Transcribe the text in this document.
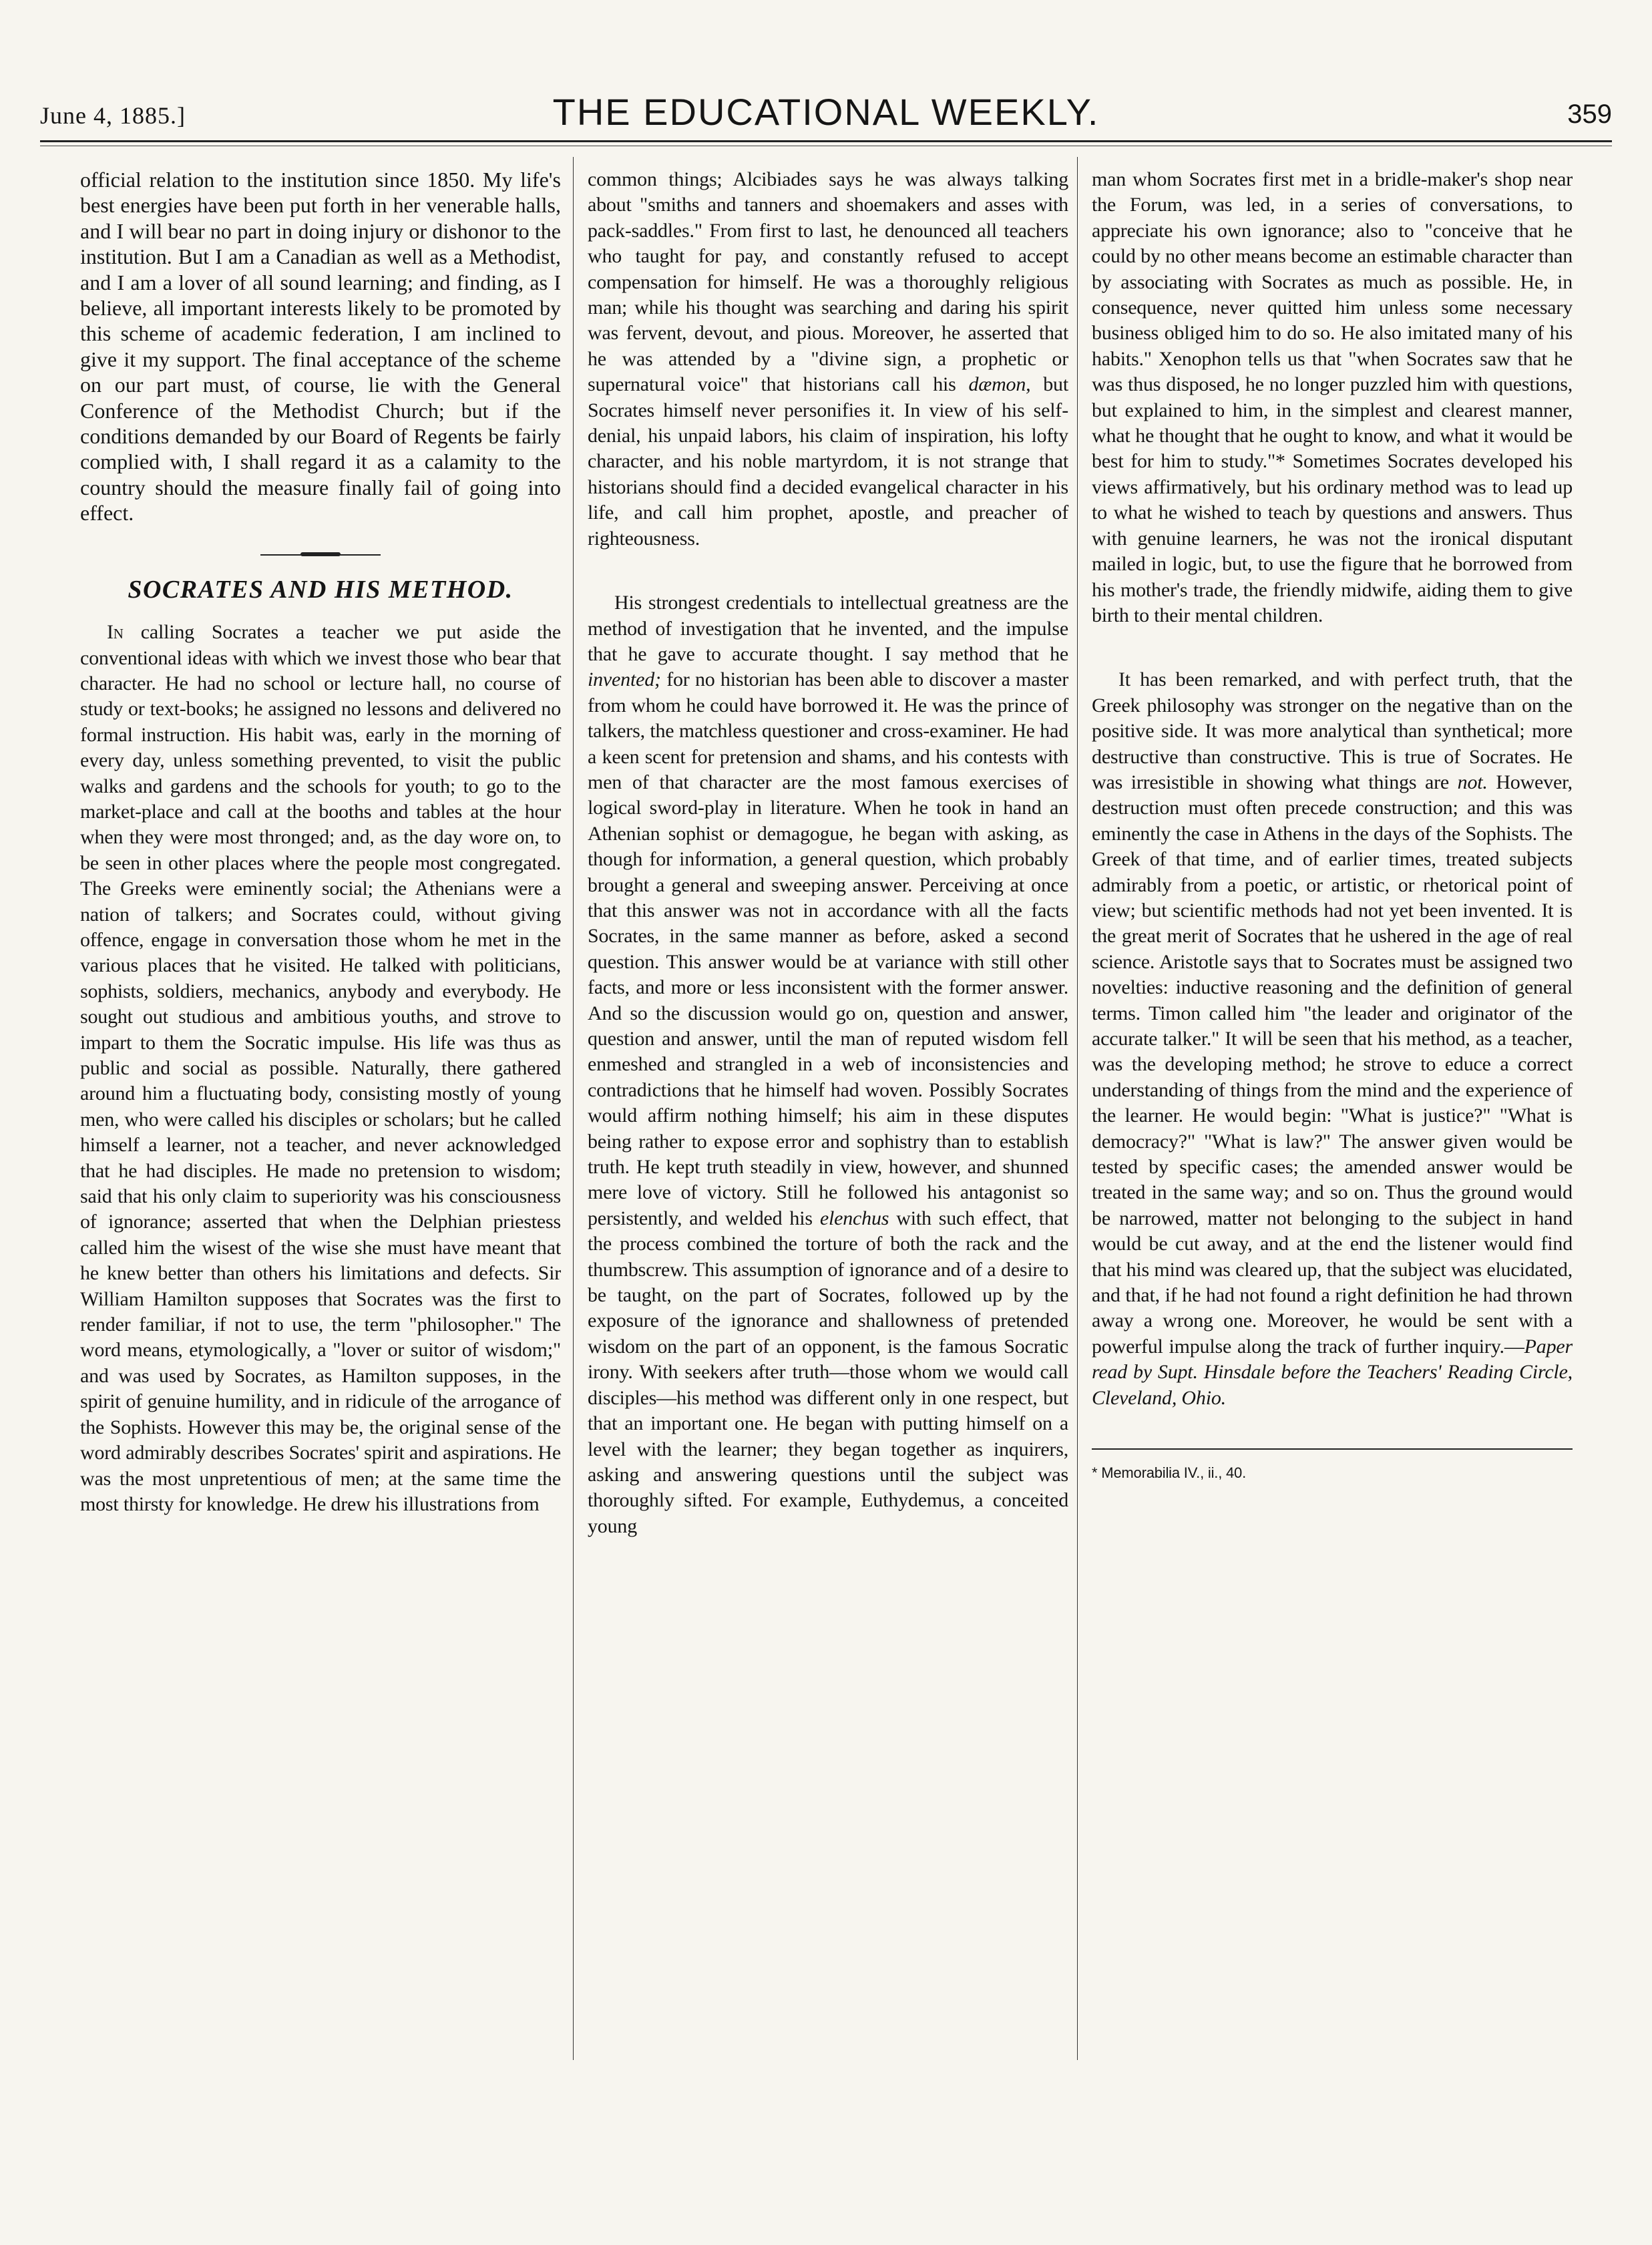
June 4, 1885.]	THE EDUCATIONAL WEEKLY.	359

official relation to the institution since 1850. My life's best energies have been put forth in her venerable halls, and I will bear no part in doing injury or dishonor to the institution. But I am a Canadian as well as a Methodist, and I am a lover of all sound learning; and finding, as I believe, all important interests likely to be promoted by this scheme of academic federation, I am inclined to give it my support. The final acceptance of the scheme on our part must, of course, lie with the General Conference of the Methodist Church; but if the conditions demanded by our Board of Regents be fairly complied with, I shall regard it as a calamity to the country should the measure finally fail of going into effect.

SOCRATES AND HIS METHOD.

In calling Socrates a teacher we put aside the conventional ideas with which we invest those who bear that character. He had no school or lecture hall, no course of study or text-books; he assigned no lessons and delivered no formal instruction. His habit was, early in the morning of every day, unless something prevented, to visit the public walks and gardens and the schools for youth; to go to the market-place and call at the booths and tables at the hour when they were most thronged; and, as the day wore on, to be seen in other places where the people most congregated. The Greeks were eminently social; the Athenians were a nation of talkers; and Socrates could, without giving offence, engage in conversation those whom he met in the various places that he visited. He talked with politicians, sophists, soldiers, mechanics, anybody and everybody. He sought out studious and ambitious youths, and strove to impart to them the Socratic impulse. His life was thus as public and social as possible. Naturally, there gathered around him a fluctuating body, consisting mostly of young men, who were called his disciples or scholars; but he called himself a learner, not a teacher, and never acknowledged that he had disciples. He made no pretension to wisdom; said that his only claim to superiority was his consciousness of ignorance; asserted that when the Delphian priestess called him the wisest of the wise she must have meant that he knew better than others his limitations and defects. Sir William Hamilton supposes that Socrates was the first to render familiar, if not to use, the term "philosopher." The word means, etymologically, a "lover or suitor of wisdom;" and was used by Socrates, as Hamilton supposes, in the spirit of genuine humility, and in ridicule of the arrogance of the Sophists. However this may be, the original sense of the word admirably describes Socrates' spirit and aspirations. He was the most unpretentious of men; at the same time the most thirsty for knowledge. He drew his illustrations from

common things; Alcibiades says he was always talking about "smiths and tanners and shoemakers and asses with pack-saddles." From first to last, he denounced all teachers who taught for pay, and constantly refused to accept compensation for himself. He was a thoroughly religious man; while his thought was searching and daring his spirit was fervent, devout, and pious. Moreover, he asserted that he was attended by a "divine sign, a prophetic or supernatural voice" that historians call his dæmon, but Socrates himself never personifies it. In view of his self-denial, his unpaid labors, his claim of inspiration, his lofty character, and his noble martyrdom, it is not strange that historians should find a decided evangelical character in his life, and call him prophet, apostle, and preacher of righteousness.

His strongest credentials to intellectual greatness are the method of investigation that he invented, and the impulse that he gave to accurate thought. I say method that he invented; for no historian has been able to discover a master from whom he could have borrowed it. He was the prince of talkers, the matchless questioner and cross-examiner. He had a keen scent for pretension and shams, and his contests with men of that character are the most famous exercises of logical sword-play in literature. When he took in hand an Athenian sophist or demagogue, he began with asking, as though for information, a general question, which probably brought a general and sweeping answer. Perceiving at once that this answer was not in accordance with all the facts Socrates, in the same manner as before, asked a second question. This answer would be at variance with still other facts, and more or less inconsistent with the former answer. And so the discussion would go on, question and answer, question and answer, until the man of reputed wisdom fell enmeshed and strangled in a web of inconsistencies and contradictions that he himself had woven. Possibly Socrates would affirm nothing himself; his aim in these disputes being rather to expose error and sophistry than to establish truth. He kept truth steadily in view, however, and shunned mere love of victory. Still he followed his antagonist so persistently, and welded his elenchus with such effect, that the process combined the torture of both the rack and the thumbscrew. This assumption of ignorance and of a desire to be taught, on the part of Socrates, followed up by the exposure of the ignorance and shallowness of pretended wisdom on the part of an opponent, is the famous Socratic irony. With seekers after truth—those whom we would call disciples—his method was different only in one respect, but that an important one. He began with putting himself on a level with the learner; they began together as inquirers, asking and answering questions until the subject was thoroughly sifted. For example, Euthydemus, a conceited young

man whom Socrates first met in a bridle-maker's shop near the Forum, was led, in a series of conversations, to appreciate his own ignorance; also to "conceive that he could by no other means become an estimable character than by associating with Socrates as much as possible. He, in consequence, never quitted him unless some necessary business obliged him to do so. He also imitated many of his habits." Xenophon tells us that "when Socrates saw that he was thus disposed, he no longer puzzled him with questions, but explained to him, in the simplest and clearest manner, what he thought that he ought to know, and what it would be best for him to study."* Sometimes Socrates developed his views affirmatively, but his ordinary method was to lead up to what he wished to teach by questions and answers. Thus with genuine learners, he was not the ironical disputant mailed in logic, but, to use the figure that he borrowed from his mother's trade, the friendly midwife, aiding them to give birth to their mental children.

It has been remarked, and with perfect truth, that the Greek philosophy was stronger on the negative than on the positive side. It was more analytical than synthetical; more destructive than constructive. This is true of Socrates. He was irresistible in showing what things are not. However, destruction must often precede construction; and this was eminently the case in Athens in the days of the Sophists. The Greek of that time, and of earlier times, treated subjects admirably from a poetic, or artistic, or rhetorical point of view; but scientific methods had not yet been invented. It is the great merit of Socrates that he ushered in the age of real science. Aristotle says that to Socrates must be assigned two novelties: inductive reasoning and the definition of general terms. Timon called him "the leader and originator of the accurate talker." It will be seen that his method, as a teacher, was the developing method; he strove to educe a correct understanding of things from the mind and the experience of the learner. He would begin: "What is justice?" "What is democracy?" "What is law?" The answer given would be tested by specific cases; the amended answer would be treated in the same way; and so on. Thus the ground would be narrowed, matter not belonging to the subject in hand would be cut away, and at the end the listener would find that his mind was cleared up, that the subject was elucidated, and that, if he had not found a right definition he had thrown away a wrong one. Moreover, he would be sent with a powerful impulse along the track of further inquiry.—Paper read by Supt. Hinsdale before the Teachers' Reading Circle, Cleveland, Ohio.

* Memorabilia IV., ii., 40.
